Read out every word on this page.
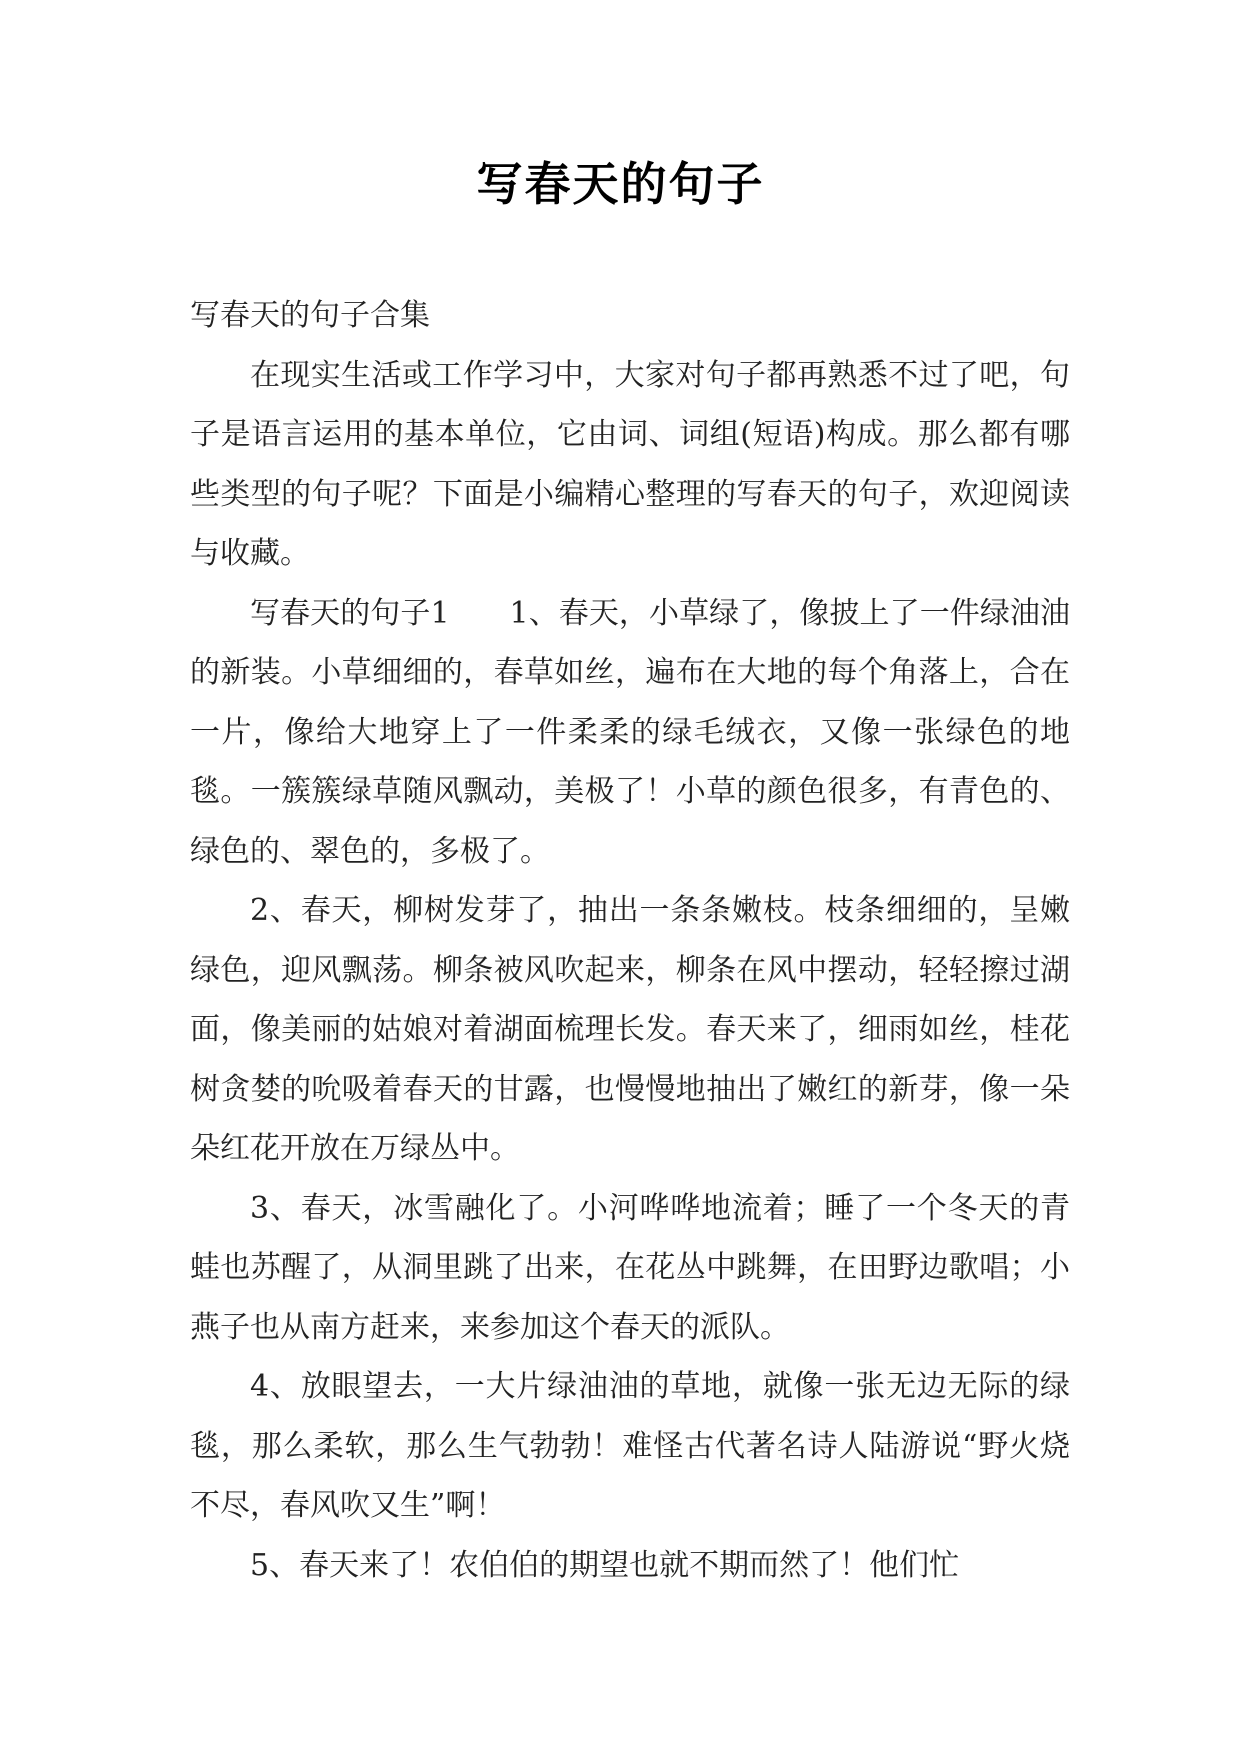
写春天的句子

写春天的句子合集

在现实生活或工作学习中，大家对句子都再熟悉不过了吧，句子是语言运用的基本单位，它由词、词组(短语)构成。那么都有哪些类型的句子呢？下面是小编精心整理的写春天的句子，欢迎阅读与收藏。

写春天的句子1 1、春天，小草绿了，像披上了一件绿油油的新装。小草细细的，春草如丝，遍布在大地的每个角落上，合在一片，像给大地穿上了一件柔柔的绿毛绒衣，又像一张绿色的地毯。一簇簇绿草随风飘动，美极了！小草的颜色很多，有青色的、绿色的、翠色的，多极了。

2、春天，柳树发芽了，抽出一条条嫩枝。枝条细细的，呈嫩绿色，迎风飘荡。柳条被风吹起来，柳条在风中摆动，轻轻擦过湖面，像美丽的姑娘对着湖面梳理长发。春天来了，细雨如丝，桂花树贪婪的吮吸着春天的甘露，也慢慢地抽出了嫩红的新芽，像一朵朵红花开放在万绿丛中。

3、春天，冰雪融化了。小河哗哗地流着；睡了一个冬天的青蛙也苏醒了，从洞里跳了出来，在花丛中跳舞，在田野边歌唱；小燕子也从南方赶来，来参加这个春天的派队。

4、放眼望去，一大片绿油油的草地，就像一张无边无际的绿毯，那么柔软，那么生气勃勃！难怪古代著名诗人陆游说“野火烧不尽，春风吹又生”啊！

5、春天来了！农伯伯的期望也就不期而然了！他们忙
